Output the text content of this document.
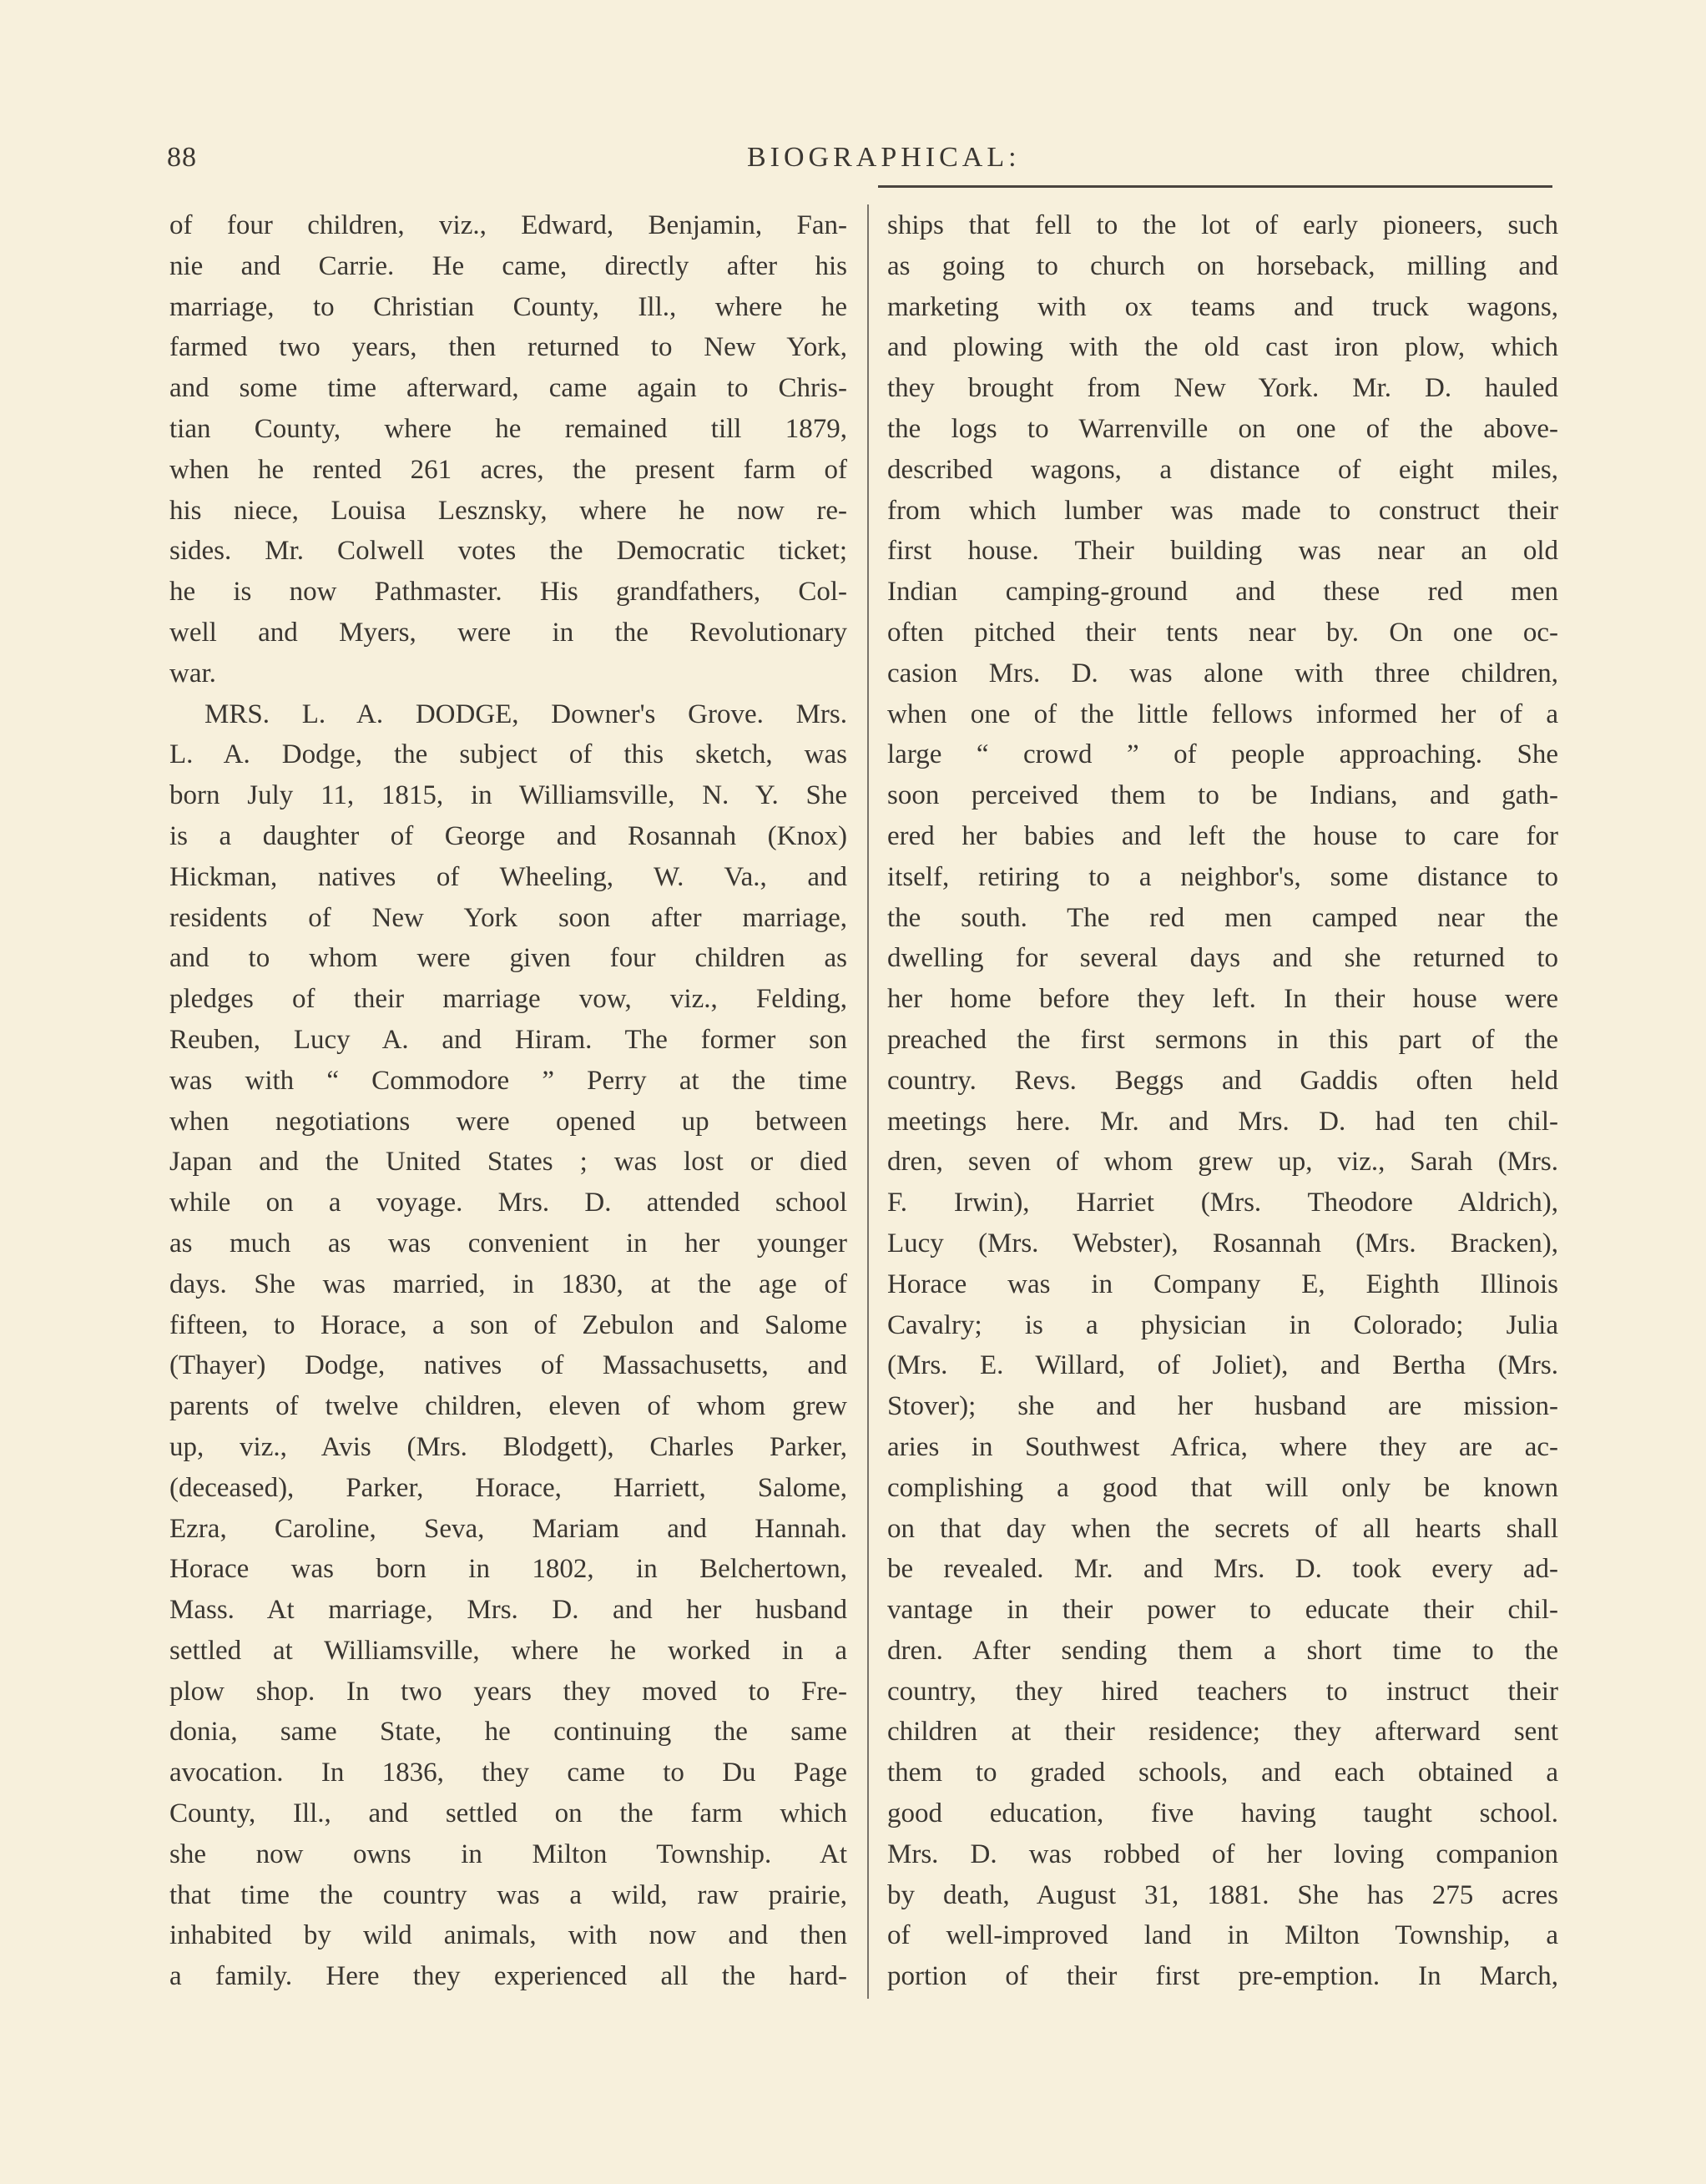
88	BIOGRAPHICAL:
of four children, viz., Edward, Benjamin, Fan-
nie and Carrie. He came, directly after his
marriage, to Christian County, Ill., where he
farmed two years, then returned to New York,
and some time afterward, came again to Chris-
tian County, where he remained till 1879,
when he rented 261 acres, the present farm of
his niece, Louisa Lesznsky, where he now re-
sides. Mr. Colwell votes the Democratic ticket;
he is now Pathmaster. His grandfathers, Col-
well and Myers, were in the Revolutionary
war.
MRS. L. A. DODGE, Downer's Grove. Mrs.
L. A. Dodge, the subject of this sketch, was
born July 11, 1815, in Williamsville, N. Y. She
is a daughter of George and Rosannah (Knox)
Hickman, natives of Wheeling, W. Va., and
residents of New York soon after marriage,
and to whom were given four children as
pledges of their marriage vow, viz., Felding,
Reuben, Lucy A. and Hiram. The former son
was with “ Commodore ” Perry at the time
when negotiations were opened up between
Japan and the United States ; was lost or died
while on a voyage. Mrs. D. attended school
as much as was convenient in her younger
days. She was married, in 1830, at the age of
fifteen, to Horace, a son of Zebulon and Salome
(Thayer) Dodge, natives of Massachusetts, and
parents of twelve children, eleven of whom grew
up, viz., Avis (Mrs. Blodgett), Charles Parker,
(deceased), Parker, Horace, Harriett, Salome,
Ezra, Caroline, Seva, Mariam and Hannah.
Horace was born in 1802, in Belchertown,
Mass. At marriage, Mrs. D. and her husband
settled at Williamsville, where he worked in a
plow shop. In two years they moved to Fre-
donia, same State, he continuing the same
avocation. In 1836, they came to Du Page
County, Ill., and settled on the farm which
she now owns in Milton Township. At
that time the country was a wild, raw prairie,
inhabited by wild animals, with now and then
a family. Here they experienced all the hard-
ships that fell to the lot of early pioneers, such
as going to church on horseback, milling and
marketing with ox teams and truck wagons,
and plowing with the old cast iron plow, which
they brought from New York. Mr. D. hauled
the logs to Warrenville on one of the above-
described wagons, a distance of eight miles,
from which lumber was made to construct their
first house. Their building was near an old
Indian camping-ground and these red men
often pitched their tents near by. On one oc-
casion Mrs. D. was alone with three children,
when one of the little fellows informed her of a
large “ crowd ” of people approaching. She
soon perceived them to be Indians, and gath-
ered her babies and left the house to care for
itself, retiring to a neighbor's, some distance to
the south. The red men camped near the
dwelling for several days and she returned to
her home before they left. In their house were
preached the first sermons in this part of the
country. Revs. Beggs and Gaddis often held
meetings here. Mr. and Mrs. D. had ten chil-
dren, seven of whom grew up, viz., Sarah (Mrs.
F. Irwin), Harriet (Mrs. Theodore Aldrich),
Lucy (Mrs. Webster), Rosannah (Mrs. Bracken),
Horace was in Company E, Eighth Illinois
Cavalry; is a physician in Colorado; Julia
(Mrs. E. Willard, of Joliet), and Bertha (Mrs.
Stover); she and her husband are mission-
aries in Southwest Africa, where they are ac-
complishing a good that will only be known
on that day when the secrets of all hearts shall
be revealed. Mr. and Mrs. D. took every ad-
vantage in their power to educate their chil-
dren. After sending them a short time to the
country, they hired teachers to instruct their
children at their residence; they afterward sent
them to graded schools, and each obtained a
good education, five having taught school.
Mrs. D. was robbed of her loving companion
by death, August 31, 1881. She has 275 acres
of well-improved land in Milton Township, a
portion of their first pre-emption. In March,
